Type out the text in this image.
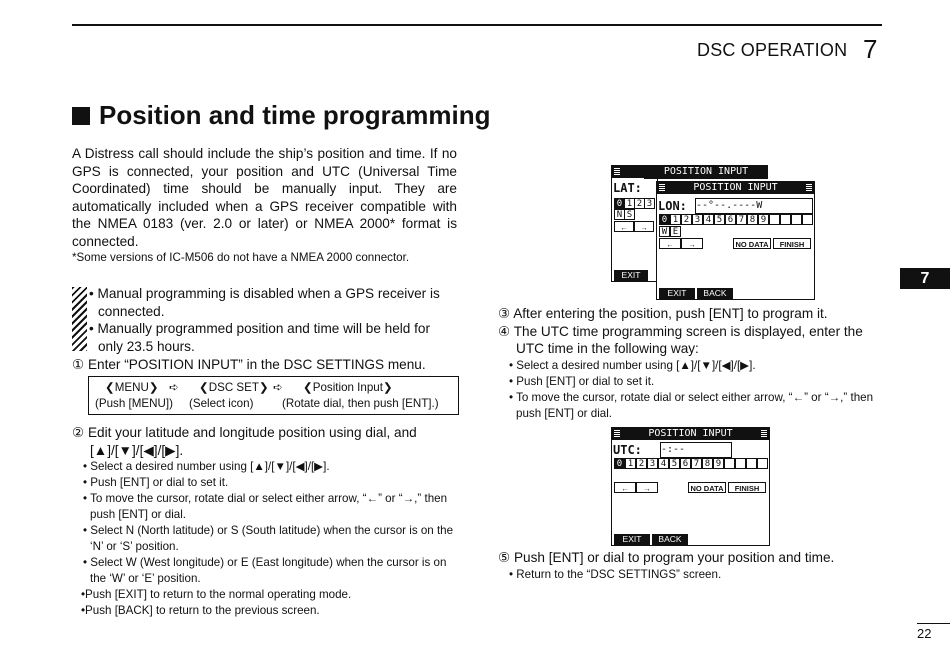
DSC OPERATION 7
7
22
Position and time programming
A Distress call should include the ship’s position and time. If no GPS is connected, your position and UTC (Universal Time Coordinated) time should be manually input. They are automatically included when a GPS receiver compatible with the NMEA 0183 (ver. 2.0 or later) or NMEA 2000* format is connected.
*Some versions of IC-M506 do not have a NMEA 2000 connector.
• Manual programming is disabled when a GPS receiver is connected.
• Manually programmed position and time will be held for only 23.5 hours.
① Enter “POSITION INPUT” in the DSC SETTINGS menu.
❮MENU❯ ➪ ❮DSC SET❯ ➪ ❮Position Input❯
(Push [MENU]) (Select icon) (Rotate dial, then push [ENT].)
② Edit your latitude and longitude position using dial, and
[▲]/[▼]/[◀]/[▶].
• Select a desired number using [▲]/[▼]/[◀]/[▶].
• Push [ENT] or dial to set it.
• To move the cursor, rotate dial or select either arrow, “←” or “→,” then push [ENT] or dial.
• Select N (North latitude) or S (South latitude) when the cursor is on the ‘N’ or ‘S’ position.
• Select W (West longitude) or E (East longitude) when the cursor is on the ‘W’ or ‘E’ position.
•Push [EXIT] to return to the normal operating mode.
•Push [BACK] to return to the previous screen.
LAT:
0 1 2 3
N S
←	→
EXIT
POSITION INPUT
POSITION INPUT
LON: --°--.----W
0 1 2 3 4 5 6 7 8 9
W E
←	→	NO DATA	FINISH
EXIT	BACK
POSITION INPUT
UTC: -:--
0 1 2 3 4 5 6 7 8 9
←	→	NO DATA	FINISH
EXIT	BACK
③ After entering the position, push [ENT] to program it.
④ The UTC time programming screen is displayed, enter the UTC time in the following way:
• Select a desired number using [▲]/[▼]/[◀]/[▶].
• Push [ENT] or dial to set it.
• To move the cursor, rotate dial or select either arrow, “←” or “→,” then push [ENT] or dial.
⑤ Push [ENT] or dial to program your position and time.
• Return to the “DSC SETTINGS” screen.
